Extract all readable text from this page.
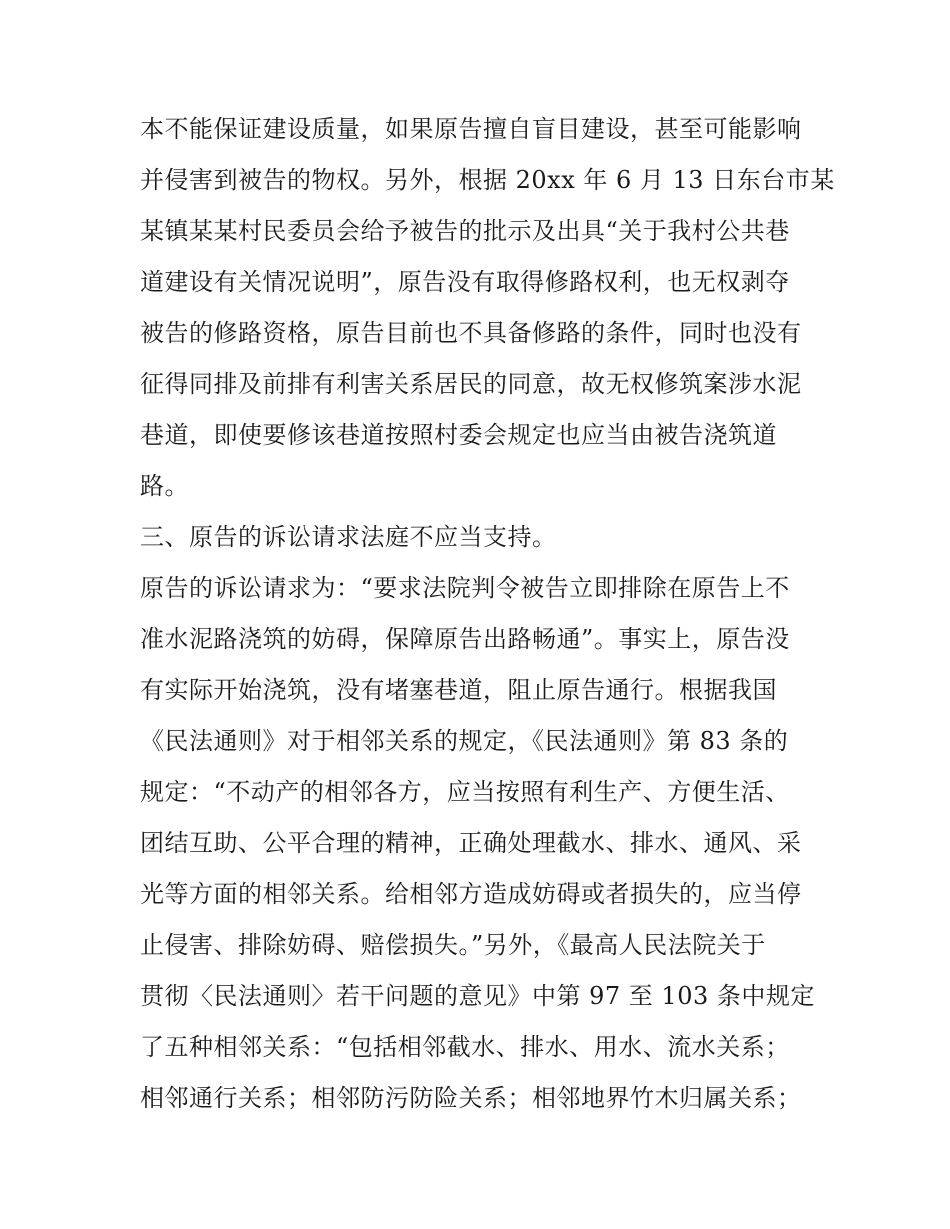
本不能保证建设质量，如果原告擅自盲目建设，甚至可能影响
并侵害到被告的物权。另外，根据 20xx 年 6 月 13 日东台市某
某镇某某村民委员会给予被告的批示及出具“关于我村公共巷
道建设有关情况说明”，原告没有取得修路权利，也无权剥夺
被告的修路资格，原告目前也不具备修路的条件，同时也没有
征得同排及前排有利害关系居民的同意，故无权修筑案涉水泥
巷道，即使要修该巷道按照村委会规定也应当由被告浇筑道
路。
三、原告的诉讼请求法庭不应当支持。
原告的诉讼请求为：“要求法院判令被告立即排除在原告上不
准水泥路浇筑的妨碍，保障原告出路畅通”。事实上，原告没
有实际开始浇筑，没有堵塞巷道，阻止原告通行。根据我国
《民法通则》对于相邻关系的规定，《民法通则》第 83 条的
规定：“不动产的相邻各方，应当按照有利生产、方便生活、
团结互助、公平合理的精神，正确处理截水、排水、通风、采
光等方面的相邻关系。给相邻方造成妨碍或者损失的，应当停
止侵害、排除妨碍、赔偿损失。”另外，《最高人民法院关于
贯彻〈民法通则〉若干问题的意见》中第 97 至 103 条中规定
了五种相邻关系：“包括相邻截水、排水、用水、流水关系；
相邻通行关系；相邻防污防险关系；相邻地界竹木归属关系；
